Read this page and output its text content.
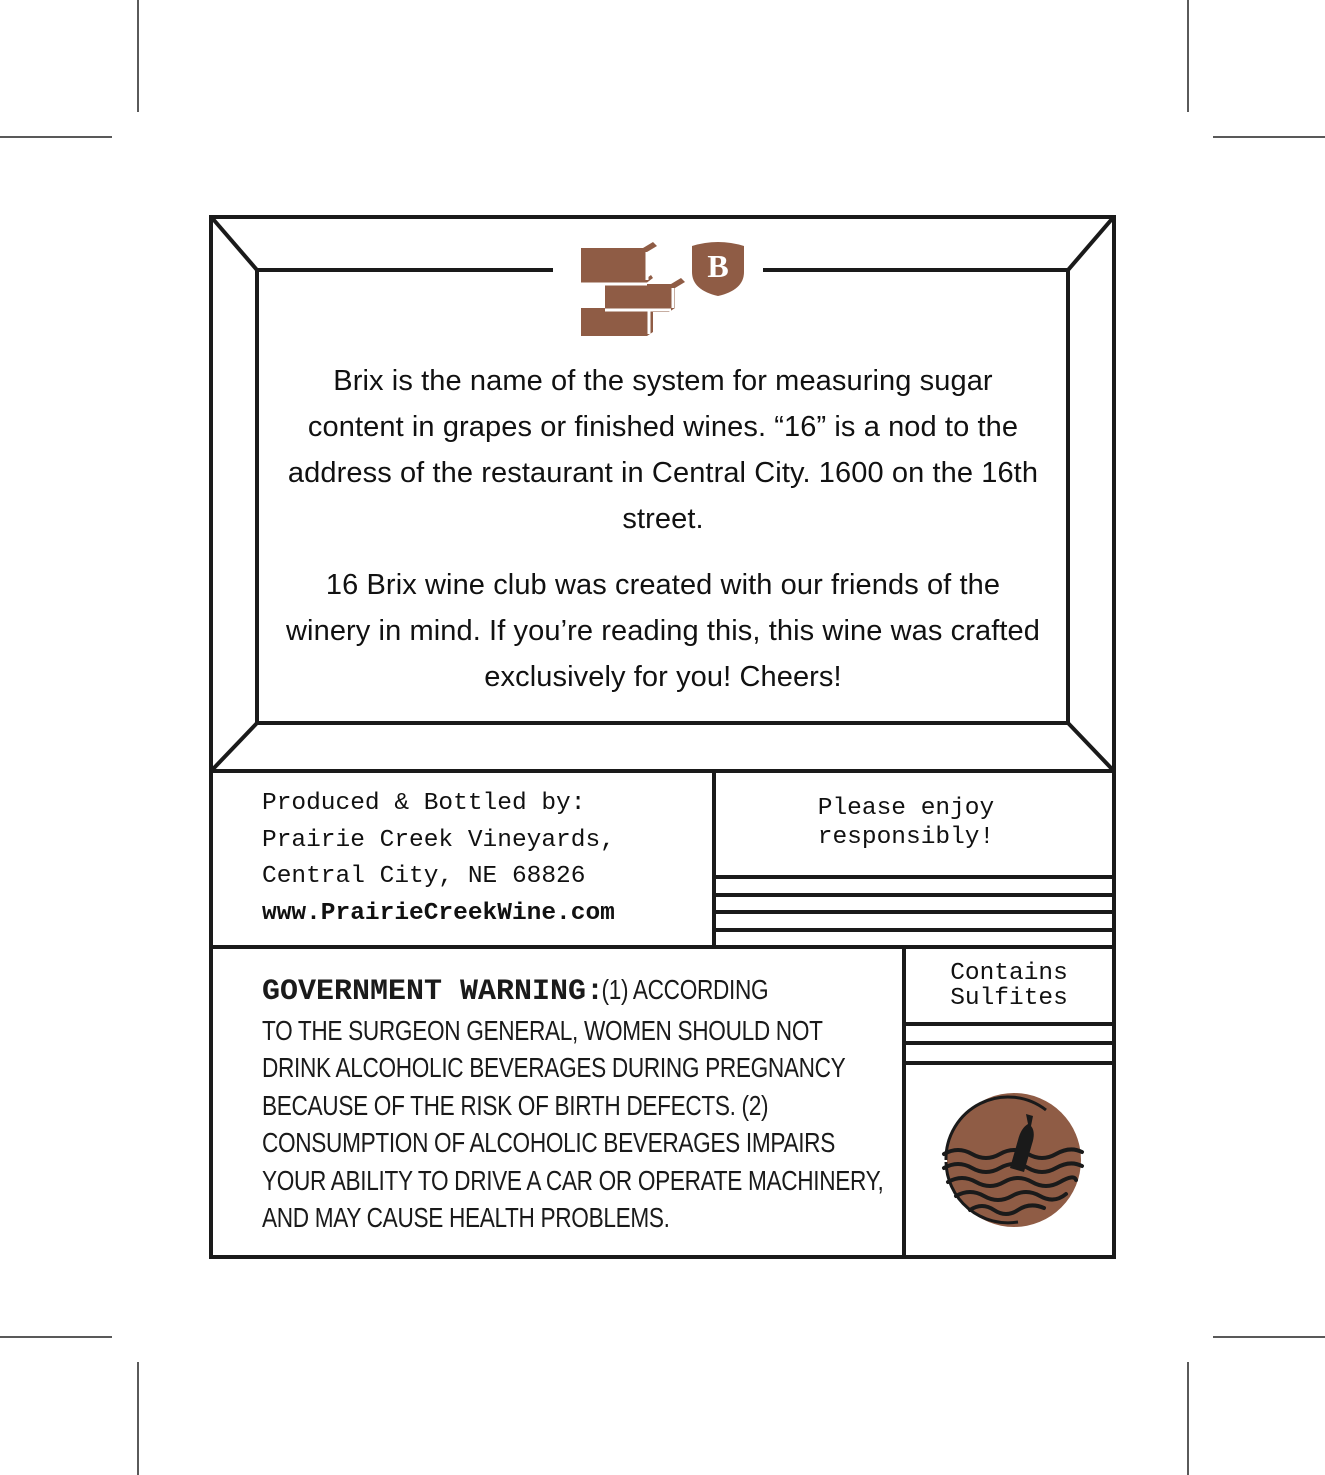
B

Brix is the name of the system for measuring sugar content in grapes or finished wines. “16” is a nod to the address of the restaurant in Central City. 1600 on the 16th street.

16 Brix wine club was created with our friends of the winery in mind. If you’re reading this, this wine was crafted exclusively for you! Cheers!

Produced & Bottled by:
Prairie Creek Vineyards,
Central City, NE 68826
www.PrairieCreekWine.com
Please enjoy
responsibly!
Contains
Sulfites
GOVERNMENT WARNING:(1) ACCORDING
TO THE SURGEON GENERAL, WOMEN SHOULD NOT
DRINK ALCOHOLIC BEVERAGES DURING PREGNANCY
BECAUSE OF THE RISK OF BIRTH DEFECTS. (2)
CONSUMPTION OF ALCOHOLIC BEVERAGES IMPAIRS
YOUR ABILITY TO DRIVE A CAR OR OPERATE MACHINERY,
AND MAY CAUSE HEALTH PROBLEMS.
